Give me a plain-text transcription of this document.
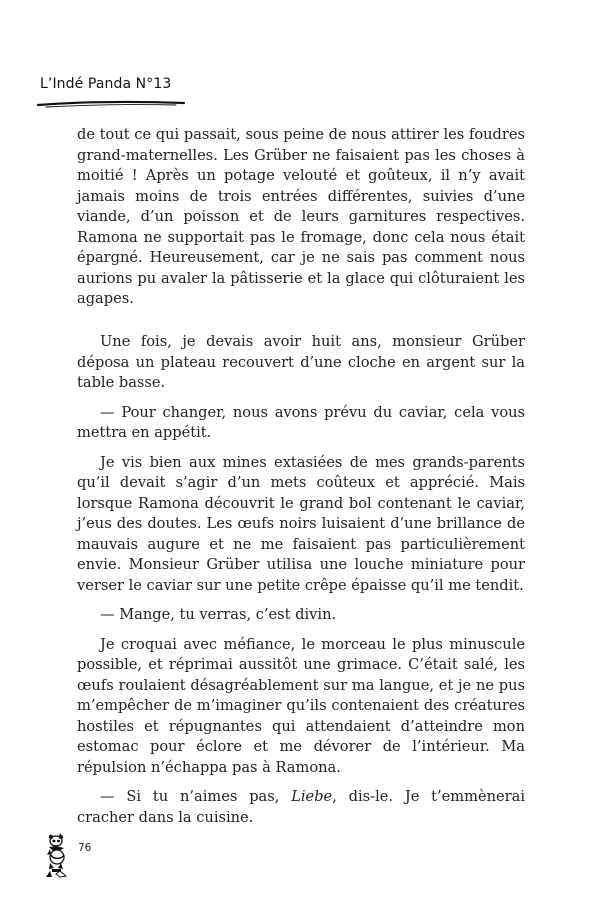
L’Indé Panda N°13

de tout ce qui passait, sous peine de nous attirer les foudres grand-maternelles. Les Grüber ne faisaient pas les choses à moitié ! Après un potage velouté et goûteux, il n’y avait jamais moins de trois entrées différentes, suivies d’une viande, d’un poisson et de leurs garnitures respectives. Ramona ne supportait pas le fromage, donc cela nous était épargné. Heureusement, car je ne sais pas comment nous aurions pu avaler la pâtisserie et la glace qui clôturaient les agapes.

Une fois, je devais avoir huit ans, monsieur Grüber déposa un plateau recouvert d’une cloche en argent sur la table basse.

— Pour changer, nous avons prévu du caviar, cela vous mettra en appétit.

Je vis bien aux mines extasiées de mes grands-parents qu’il devait s’agir d’un mets coûteux et apprécié. Mais lorsque Ramona découvrit le grand bol contenant le caviar, j’eus des doutes. Les œufs noirs luisaient d’une brillance de mauvais augure et ne me faisaient pas particulièrement envie. Monsieur Grüber utilisa une louche miniature pour verser le caviar sur une petite crêpe épaisse qu’il me tendit.

— Mange, tu verras, c’est divin.

Je croquai avec méfiance, le morceau le plus minuscule possible, et réprimai aussitôt une grimace. C’était salé, les œufs roulaient désagréablement sur ma langue, et je ne pus m’empêcher de m’imaginer qu’ils contenaient des créatures hostiles et répugnantes qui attendaient d’atteindre mon estomac pour éclore et me dévorer de l’intérieur. Ma répulsion n’échappa pas à Ramona.

— Si tu n’aimes pas, Liebe, dis-le. Je t’emmènerai cracher dans la cuisine.

76
